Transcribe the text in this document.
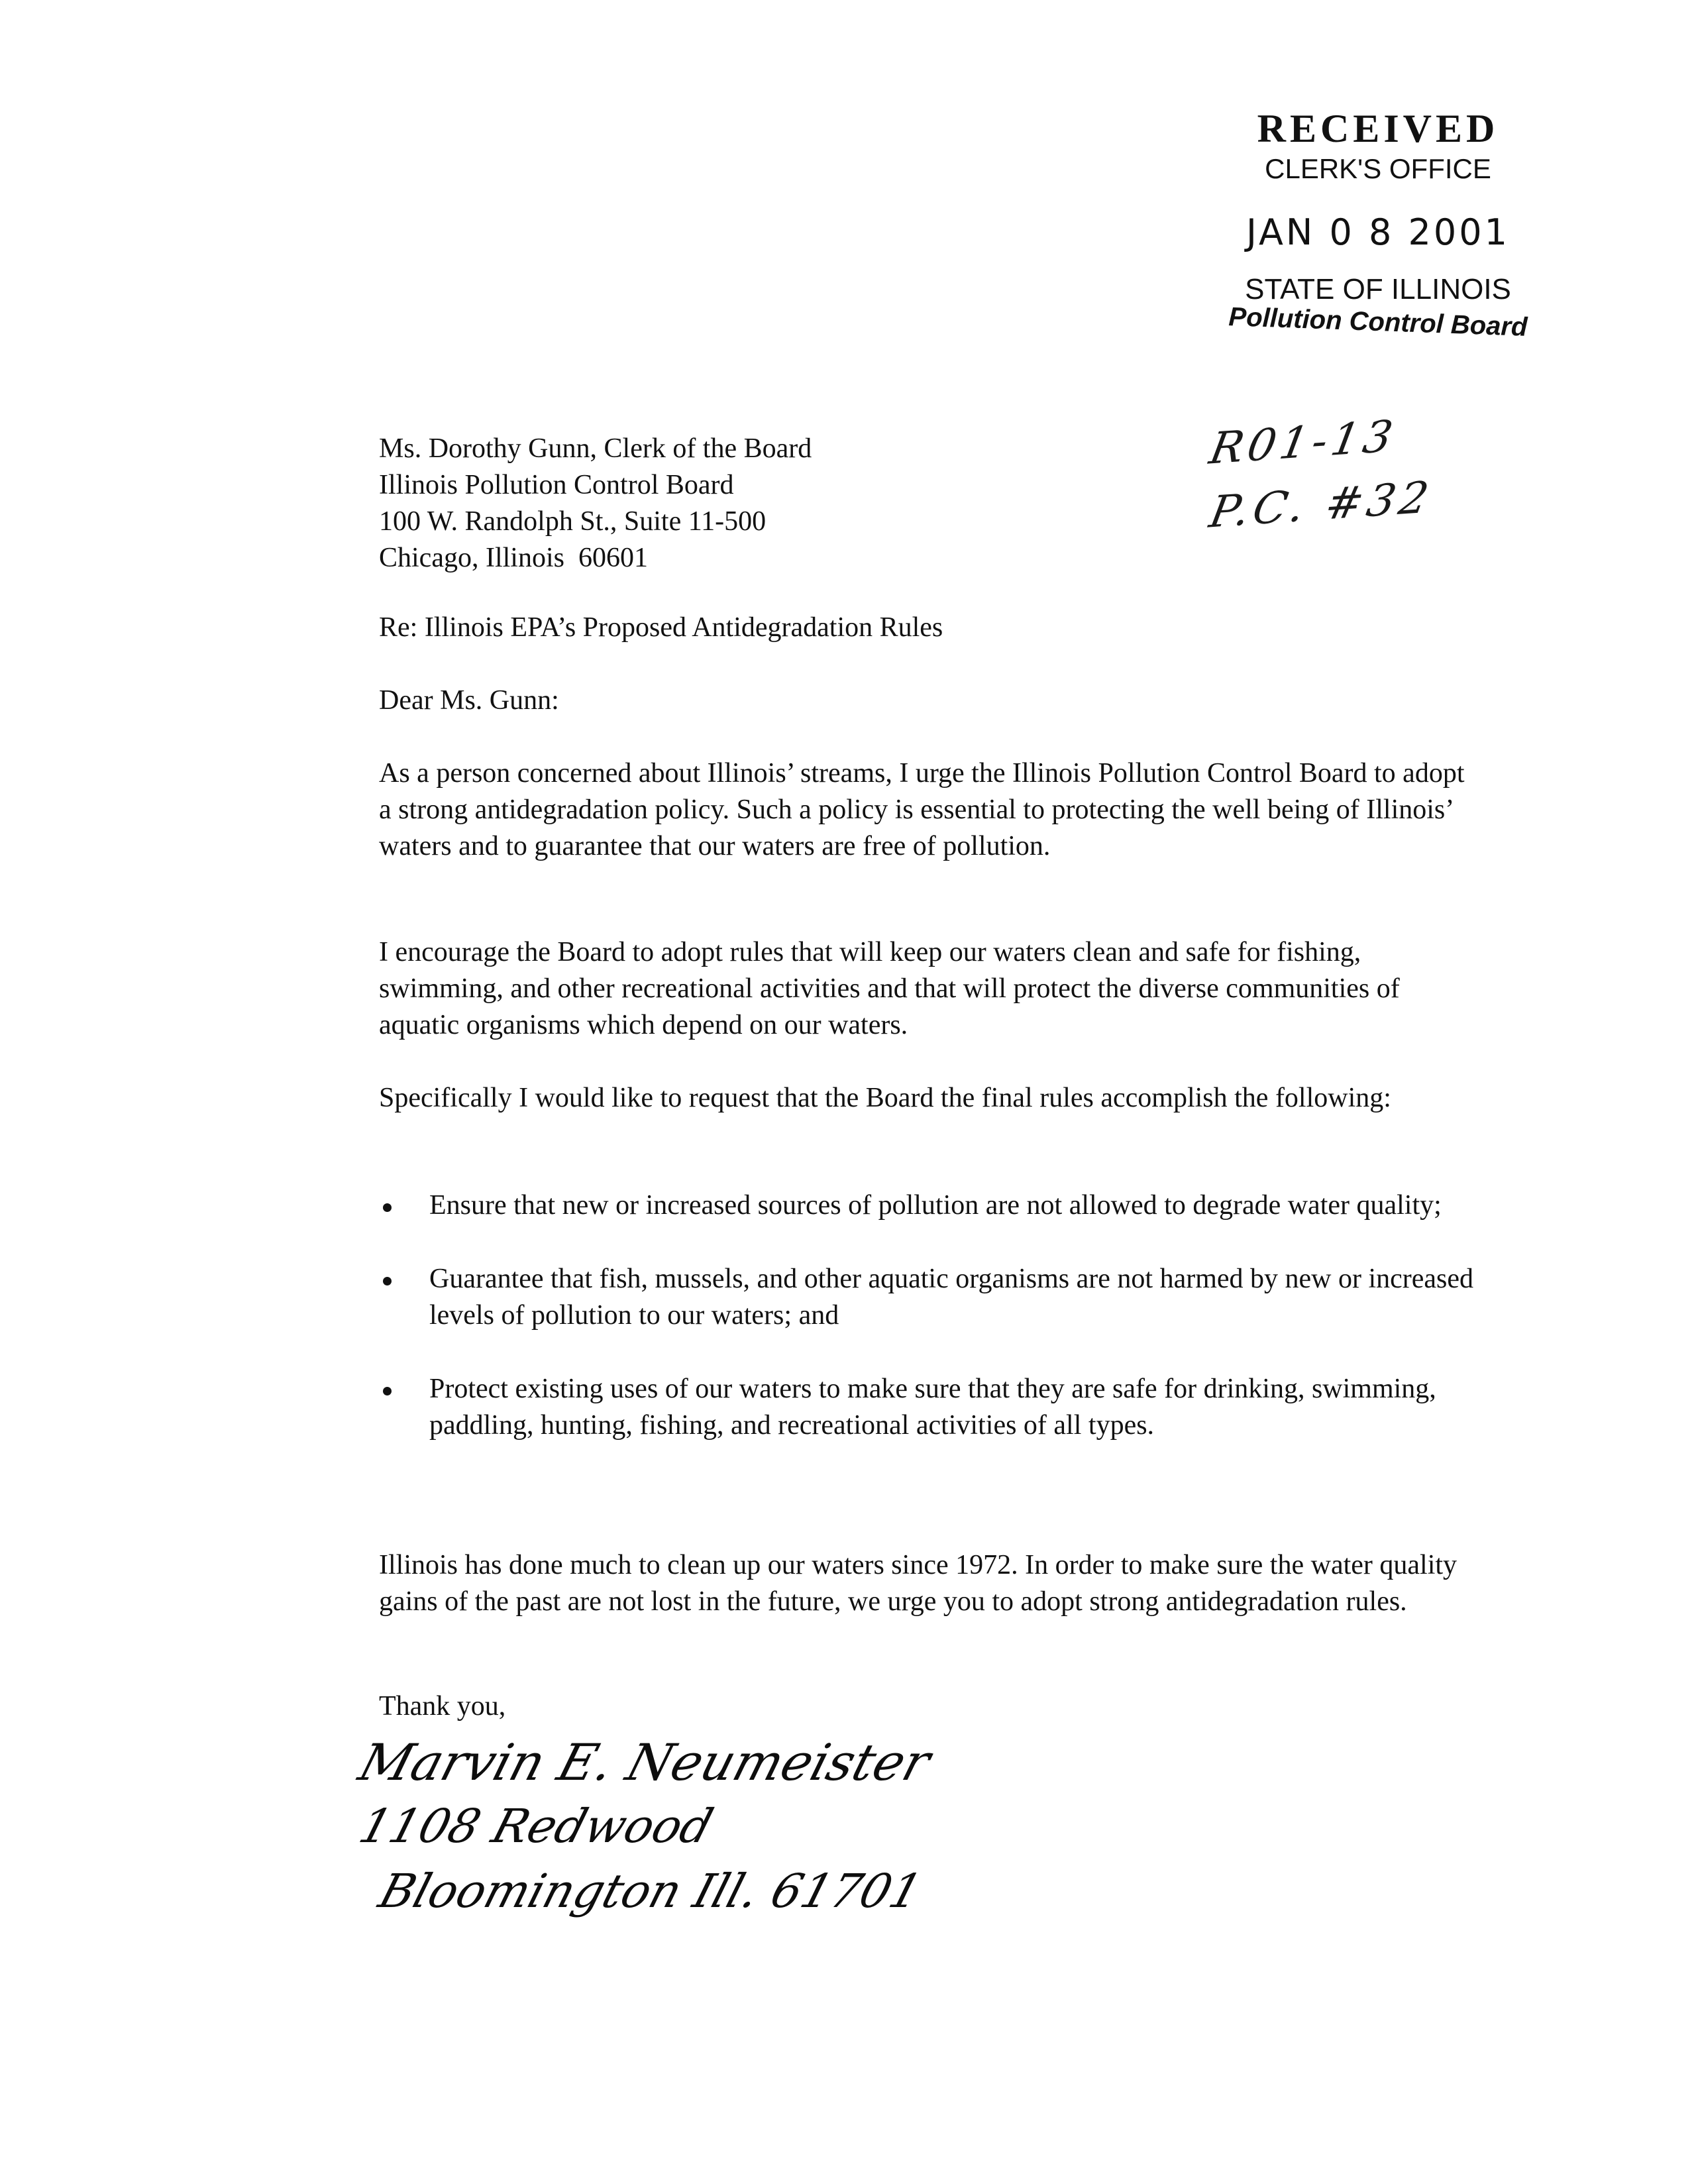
RECEIVED
CLERK'S OFFICE
JAN 0 8 2001
STATE OF ILLINOIS
Pollution Control Board
R01-13
P.C. #32
Ms. Dorothy Gunn, Clerk of the Board
Illinois Pollution Control Board
100 W. Randolph St., Suite 11-500
Chicago, Illinois  60601
Re: Illinois EPA’s Proposed Antidegradation Rules
Dear Ms. Gunn:
As a person concerned about Illinois’ streams, I urge the Illinois Pollution Control Board to adopt a strong antidegradation policy. Such a policy is essential to protecting the well being of Illinois’ waters and to guarantee that our waters are free of pollution.
I encourage the Board to adopt rules that will keep our waters clean and safe for fishing, swimming, and other recreational activities and that will protect the diverse communities of aquatic organisms which depend on our waters.
Specifically I would like to request that the Board the final rules accomplish the following:
Ensure that new or increased sources of pollution are not allowed to degrade water quality;
Guarantee that fish, mussels, and other aquatic organisms are not harmed by new or increased levels of pollution to our waters; and
Protect existing uses of our waters to make sure that they are safe for drinking, swimming, paddling, hunting, fishing, and recreational activities of all types.
Illinois has done much to clean up our waters since 1972. In order to make sure the water quality gains of the past are not lost in the future, we urge you to adopt strong antidegradation rules.
Thank you,
Marvin E. Neumeister
1108 Redwood
Bloomington Ill. 61701
